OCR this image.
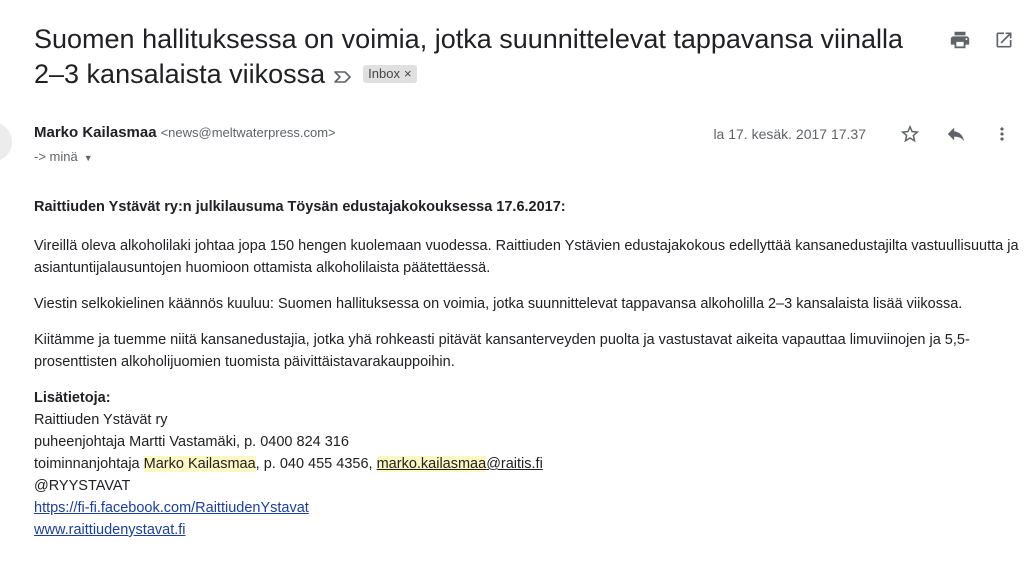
Suomen hallituksessa on voimia, jotka suunnittelevat tappavansa viinalla 2–3 kansalaista viikossa	Inbox ×
Marko Kailasmaa <news@meltwaterpress.com>
-> minä ▼
la 17. kesäk. 2017 17.37

Raittiuden Ystävät ry:n julkilausuma Töysän edustajakokouksessa 17.6.2017:

Vireillä oleva alkoholilaki johtaa jopa 150 hengen kuolemaan vuodessa. Raittiuden Ystävien edustajakokous edellyttää kansanedustajilta vastuullisuutta ja asiantuntijalausuntojen huomioon ottamista alkoholilaista päätettäessä.

Viestin selkokielinen käännös kuuluu: Suomen hallituksessa on voimia, jotka suunnittelevat tappavansa alkoholilla 2–3 kansalaista lisää viikossa.

Kiitämme ja tuemme niitä kansanedustajia, jotka yhä rohkeasti pitävät kansanterveyden puolta ja vastustavat aikeita vapauttaa limuviinojen ja 5,5-prosenttisten alkoholijuomien tuomista päivittäistavarakauppoihin.

Lisätietoja:
Raittiuden Ystävät ry
puheenjohtaja Martti Vastamäki, p. 0400 824 316
toiminnanjohtaja Marko Kailasmaa, p. 040 455 4356, marko.kailasmaa@raitis.fi
@RYYSTAVAT
https://fi-fi.facebook.com/RaittiudenYstavat
www.raittiudenystavat.fi
